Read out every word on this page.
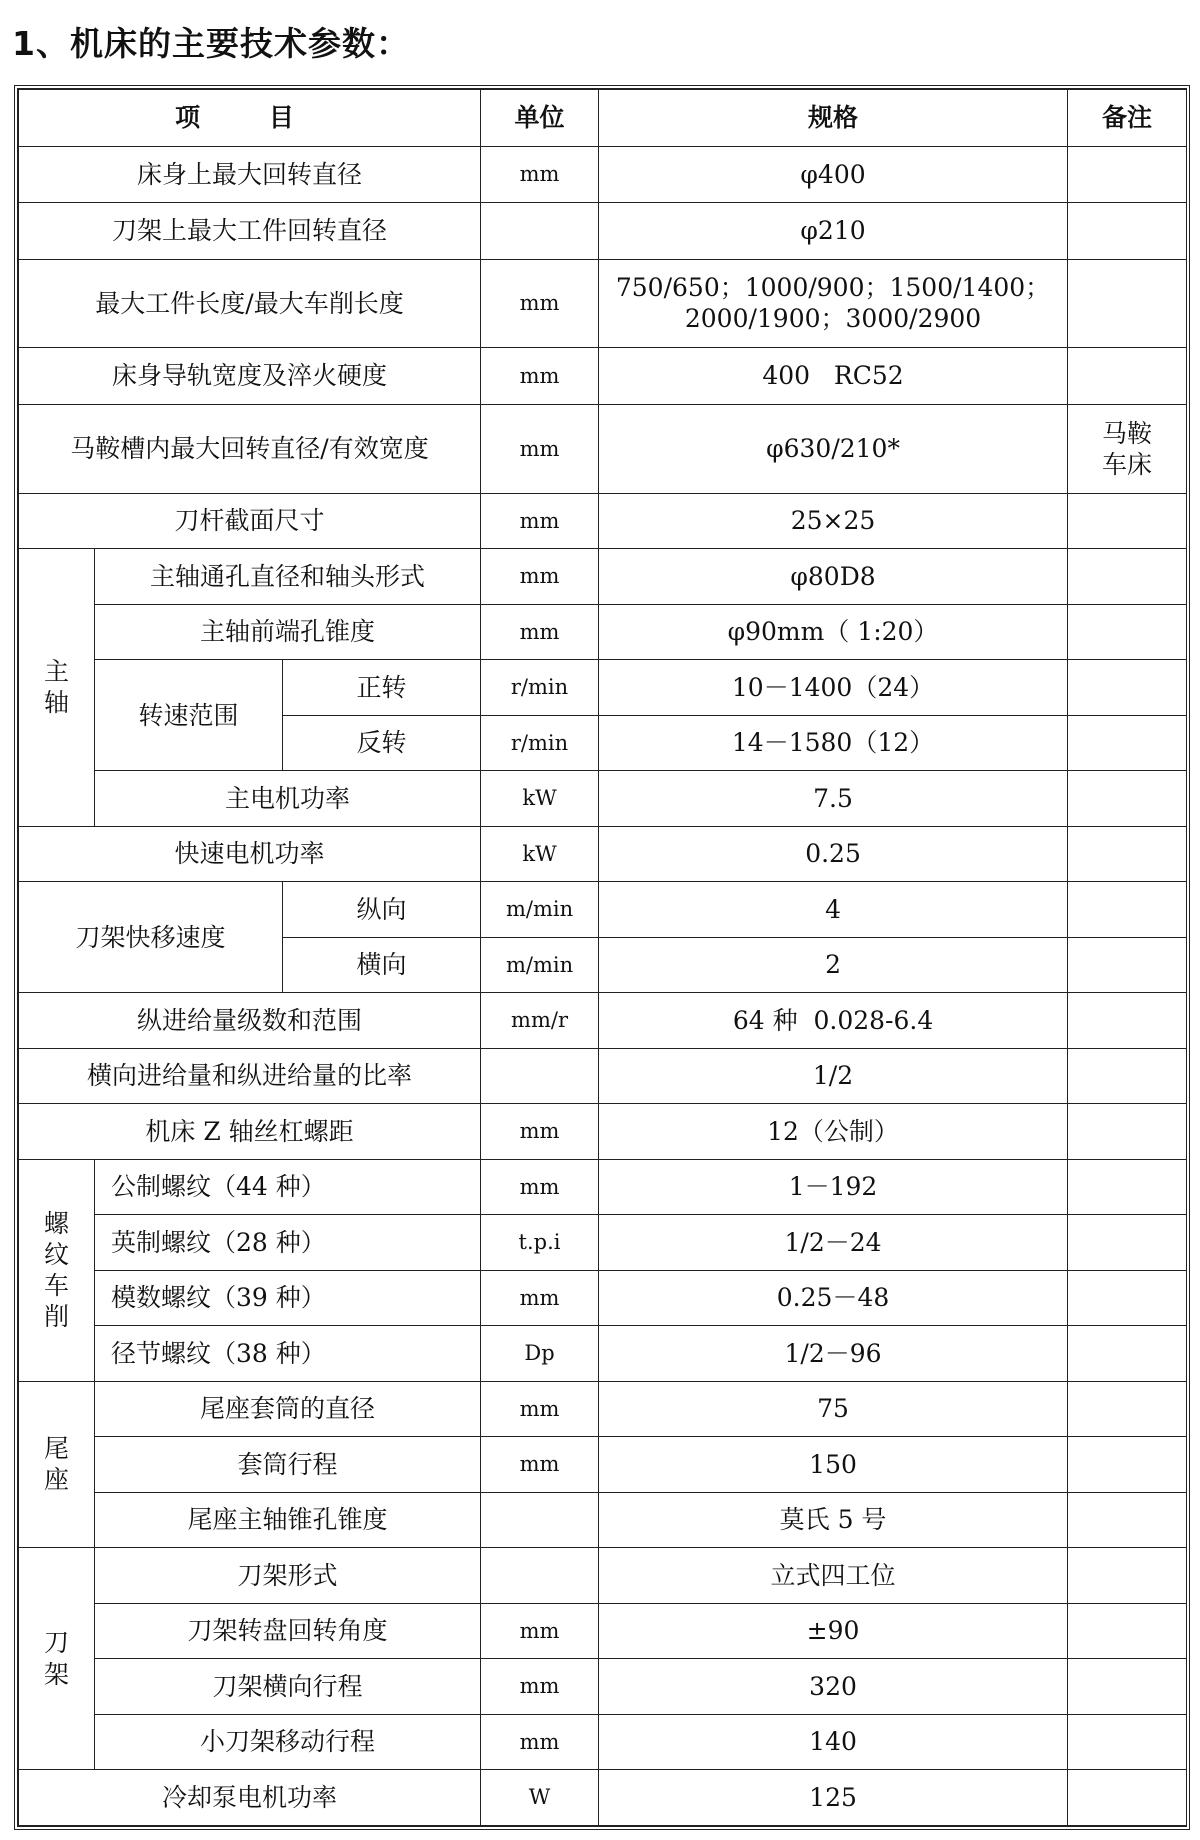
1、机床的主要技术参数：
项 目			单位	规格	备注
床身上最大回转直径			mm	φ400	
刀架上最大工件回转直径				φ210	
最大工件长度/最大车削长度			mm	750/650；1000/900；1500/1400；
2000/1900；3000/2900	

床身导轨宽度及淬火硬度			mm	400   RC52	
马鞍槽内最大回转直径/有效宽度			mm	φ630/210*	马鞍
车床

刀杆截面尺寸			mm	25×25	

主
轴	主轴通孔直径和轴头形式		mm	φ80D8	
	主轴前端孔锥度		mm	φ90mm（ 1:20）	
	转速范围	正转	r/min	10－1400（24）	
		反转	r/min	14－1580（12）	
	主电机功率		kW	7.5	
快速电机功率			kW	0.25	
刀架快移速度		纵向	m/min	4	
		横向	m/min	2	
纵进给量级数和范围			mm/r	64 种  0.028-6.4	
横向进给量和纵进给量的比率				1/2	
机床 Z 轴丝杠螺距			mm	12（公制）	

螺
纹
车
削	公制螺纹（44 种）		mm	1－192	
	英制螺纹（28 种）		t.p.i	1/2－24	
	模数螺纹（39 种）		mm	0.25－48	
	径节螺纹（38 种）		Dp	1/2－96	

尾
座	尾座套筒的直径		mm	75	
	套筒行程		mm	150	
	尾座主轴锥孔锥度			莫氏 5 号	

刀
架	刀架形式			立式四工位	
	刀架转盘回转角度		mm	±90	
	刀架横向行程		mm	320	
	小刀架移动行程		mm	140	
冷却泵电机功率			W	125	
